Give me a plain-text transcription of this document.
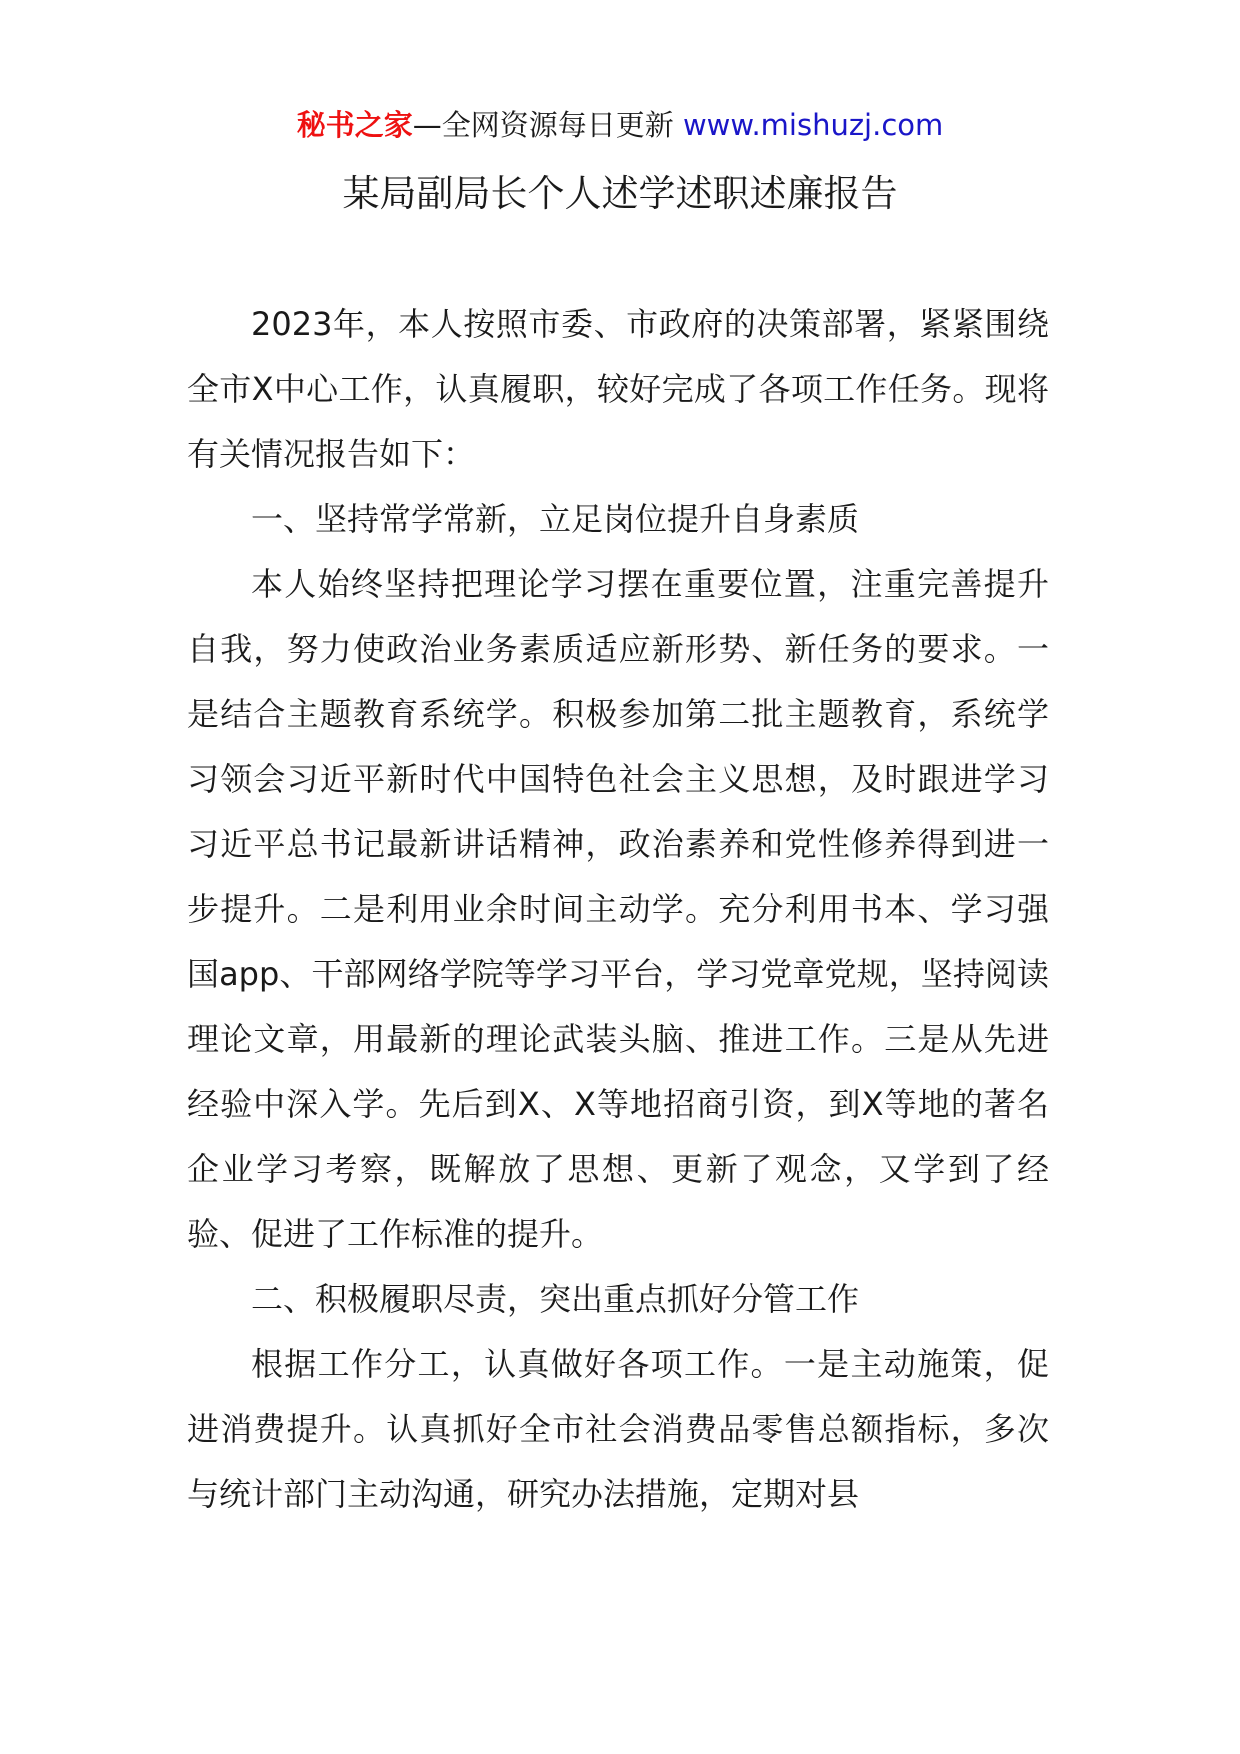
秘书之家—全网资源每日更新 www.mishuzj.com
某局副局长个人述学述职述廉报告

2023年，本人按照市委、市政府的决策部署，紧紧围绕全市X中心工作，认真履职，较好完成了各项工作任务。现将有关情况报告如下：

一、坚持常学常新，立足岗位提升自身素质

本人始终坚持把理论学习摆在重要位置，注重完善提升自我，努力使政治业务素质适应新形势、新任务的要求。一是结合主题教育系统学。积极参加第二批主题教育，系统学习领会习近平新时代中国特色社会主义思想，及时跟进学习习近平总书记最新讲话精神，政治素养和党性修养得到进一步提升。二是利用业余时间主动学。充分利用书本、学习强国app、干部网络学院等学习平台，学习党章党规，坚持阅读理论文章，用最新的理论武装头脑、推进工作。三是从先进经验中深入学。先后到X、X等地招商引资，到X等地的著名企业学习考察，既解放了思想、更新了观念，又学到了经验、促进了工作标准的提升。

二、积极履职尽责，突出重点抓好分管工作

根据工作分工，认真做好各项工作。一是主动施策，促进消费提升。认真抓好全市社会消费品零售总额指标，多次与统计部门主动沟通，研究办法措施，定期对县
